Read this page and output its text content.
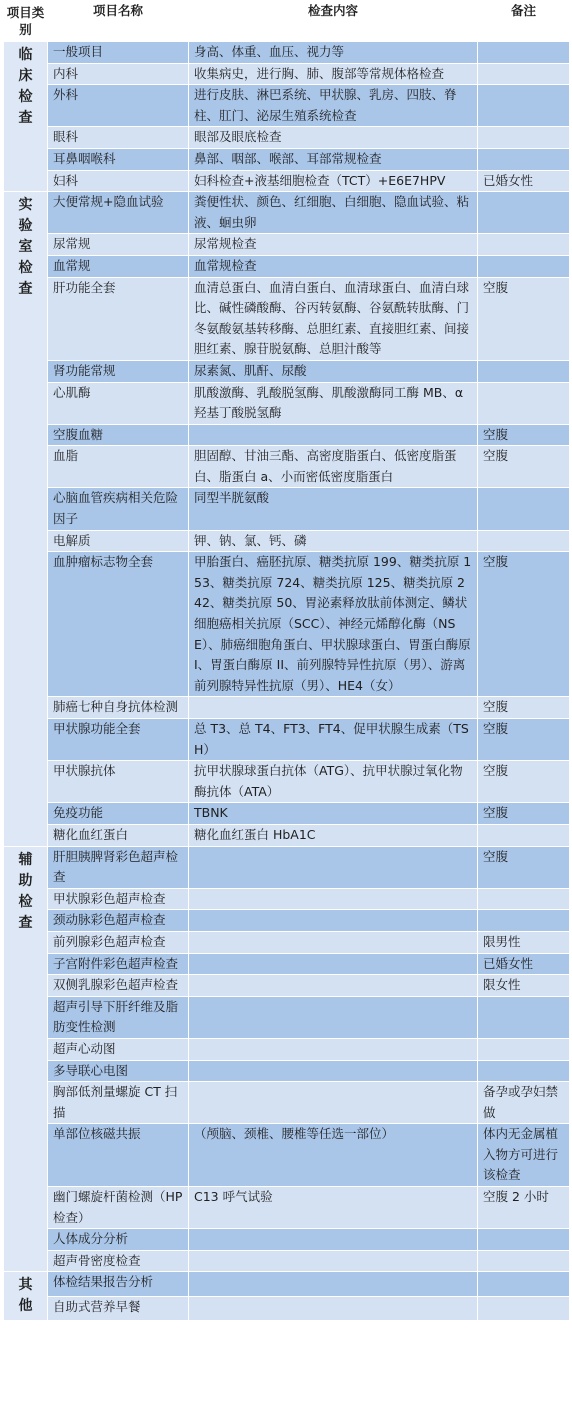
项目类别	项目名称	检查内容	备注

临床检查	一般项目	身高、体重、血压、视力等	
	内科	收集病史，进行胸、肺、腹部等常规体格检查	
	外科	进行皮肤、淋巴系统、甲状腺、乳房、四肢、脊柱、肛门、泌尿生殖系统检查	
	眼科	眼部及眼底检查	
	耳鼻咽喉科	鼻部、咽部、喉部、耳部常规检查	
	妇科	妇科检查+液基细胞检查（TCT）+E6E7HPV	已婚女性

实验室检查	大便常规+隐血试验	粪便性状、颜色、红细胞、白细胞、隐血试验、粘液、蛔虫卵	
	尿常规	尿常规检查	
	血常规	血常规检查	
	肝功能全套	血清总蛋白、血清白蛋白、血清球蛋白、血清白球比、碱性磷酸酶、谷丙转氨酶、谷氨酰转肽酶、门冬氨酸氨基转移酶、总胆红素、直接胆红素、间接胆红素、腺苷脱氨酶、总胆汁酸等	空腹
	肾功能常规	尿素氮、肌酐、尿酸	
	心肌酶	肌酸激酶、乳酸脱氢酶、肌酸激酶同工酶 MB、α羟基丁酸脱氢酶	
	空腹血糖		空腹
	血脂	胆固醇、甘油三酯、高密度脂蛋白、低密度脂蛋白、脂蛋白 a、小而密低密度脂蛋白	空腹
	心脑血管疾病相关危险因子	同型半胱氨酸	
	电解质	钾、钠、氯、钙、磷	
	血肿瘤标志物全套	甲胎蛋白、癌胚抗原、糖类抗原 199、糖类抗原 153、糖类抗原 724、糖类抗原 125、糖类抗原 242、糖类抗原 50、胃泌素释放肽前体测定、鳞状细胞癌相关抗原（SCC）、神经元烯醇化酶（NSE）、肺癌细胞角蛋白、甲状腺球蛋白、胃蛋白酶原 I、胃蛋白酶原 II、前列腺特异性抗原（男）、游离前列腺特异性抗原（男）、HE4（女）	空腹
	肺癌七种自身抗体检测		空腹
	甲状腺功能全套	总 T3、总 T4、FT3、FT4、促甲状腺生成素（TSH）	空腹
	甲状腺抗体	抗甲状腺球蛋白抗体（ATG）、抗甲状腺过氧化物酶抗体（ATA）	空腹
	免疫功能	TBNK	空腹
	糖化血红蛋白	糖化血红蛋白 HbA1C	

辅助检查	肝胆胰脾肾彩色超声检查		空腹
	甲状腺彩色超声检查		
	颈动脉彩色超声检查		
	前列腺彩色超声检查		限男性
	子宫附件彩色超声检查		已婚女性
	双侧乳腺彩色超声检查		限女性
	超声引导下肝纤维及脂肪变性检测		
	超声心动图		
	多导联心电图		
	胸部低剂量螺旋 CT 扫描		备孕或孕妇禁做
	单部位核磁共振	（颅脑、颈椎、腰椎等任选一部位）	体内无金属植入物方可进行该检查
	幽门螺旋杆菌检测（HP 检查）	C13 呼气试验	空腹 2 小时
	人体成分分析		
	超声骨密度检查		

其他	体检结果报告分析		
	自助式营养早餐		
